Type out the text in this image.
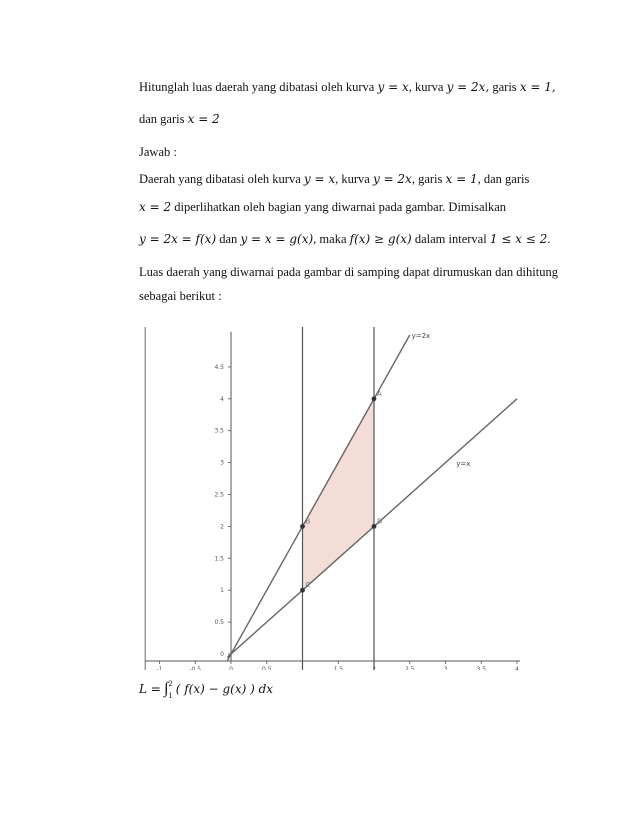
Hitunglah luas daerah yang dibatasi oleh kurva y = x, kurva y = 2x, garis x = 1,
dan garis x = 2
Jawab :
Daerah yang dibatasi oleh kurva y = x, kurva y = 2x, garis x = 1, dan garis
x = 2 diperlihatkan oleh bagian yang diwarnai pada gambar. Dimisalkan
y = 2x = f(x) dan y = x = g(x), maka f(x) ≥ g(x) dalam interval 1 ≤ x ≤ 2.
Luas daerah yang diwarnai pada gambar di samping dapat dirumuskan dan dihitung
sebagai berikut :
y=2x
y=x
A
B
C
D
-1	-0.5	0	0.5	1	1.5	2	2.5	3	3.5	4
0
0.5
1
1.5
2
2.5
3
3.5
4
4.5
$L = \int_1^2$ ( f(x) − g(x) ) dx
